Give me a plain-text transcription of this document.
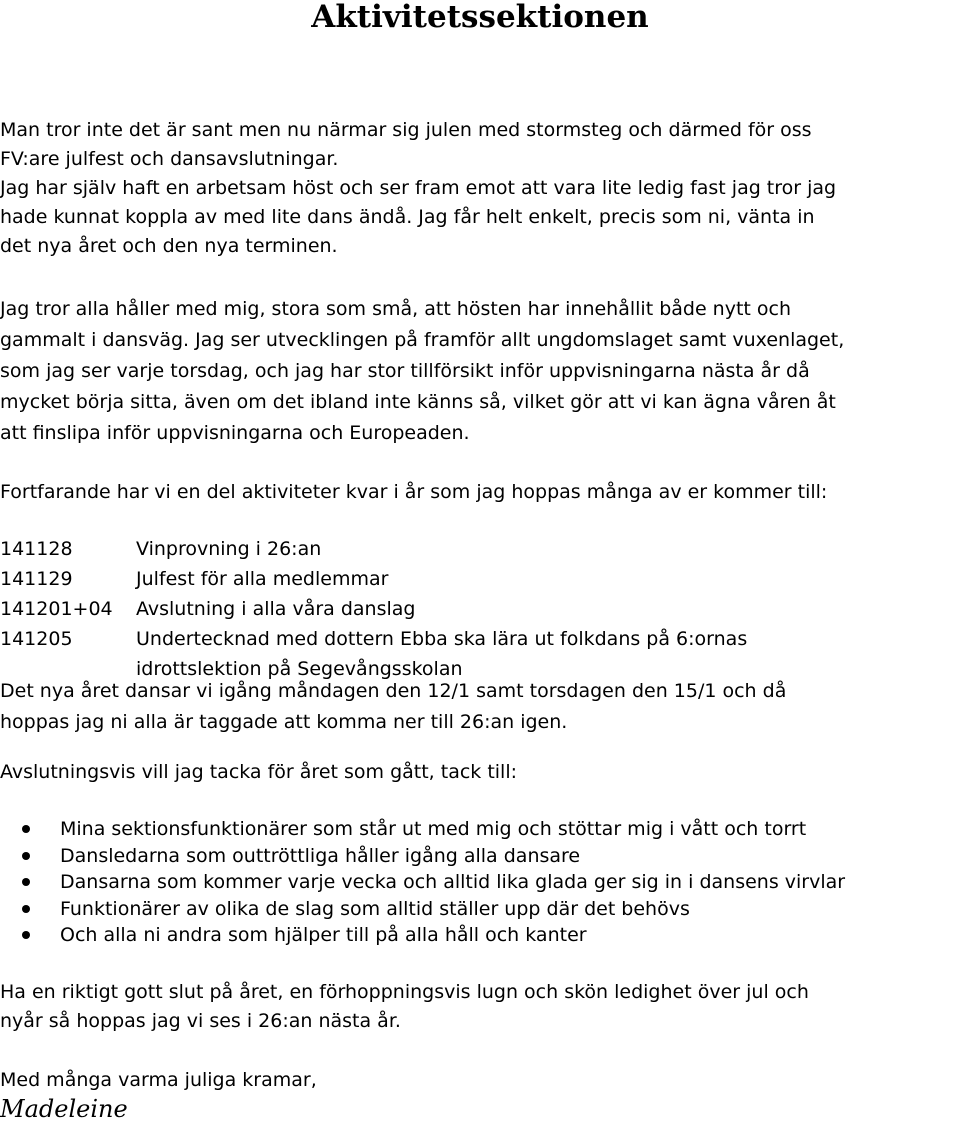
Aktivitetssektionen

Man tror inte det är sant men nu närmar sig julen med stormsteg och därmed för oss
FV:are julfest och dansavslutningar.
Jag har själv haft en arbetsam höst och ser fram emot att vara lite ledig fast jag tror jag
hade kunnat koppla av med lite dans ändå. Jag får helt enkelt, precis som ni, vänta in
det nya året och den nya terminen.

Jag tror alla håller med mig, stora som små, att hösten har innehållit både nytt och
gammalt i dansväg. Jag ser utvecklingen på framför allt ungdomslaget samt vuxenlaget,
som jag ser varje torsdag, och jag har stor tillförsikt inför uppvisningarna nästa år då
mycket börja sitta, även om det ibland inte känns så, vilket gör att vi kan ägna våren åt
att finslipa inför uppvisningarna och Europeaden.

Fortfarande har vi en del aktiviteter kvar i år som jag hoppas många av er kommer till:

141128	Vinprovning i 26:an
141129	Julfest för alla medlemmar
141201+04	Avslutning i alla våra danslag
141205	Undertecknad med dottern Ebba ska lära ut folkdans på 6:ornas
idrottslektion på Segevångsskolan

Det nya året dansar vi igång måndagen den 12/1 samt torsdagen den 15/1 och då
hoppas jag ni alla är taggade att komma ner till 26:an igen.

Avslutningsvis vill jag tacka för året som gått, tack till:

Mina sektionsfunktionärer som står ut med mig och stöttar mig i vått och torrt
Dansledarna som outtröttliga håller igång alla dansare
Dansarna som kommer varje vecka och alltid lika glada ger sig in i dansens virvlar
Funktionärer av olika de slag som alltid ställer upp där det behövs
Och alla ni andra som hjälper till på alla håll och kanter

Ha en riktigt gott slut på året, en förhoppningsvis lugn och skön ledighet över jul och
nyår så hoppas jag vi ses i 26:an nästa år.

Med många varma juliga kramar,

Madeleine
